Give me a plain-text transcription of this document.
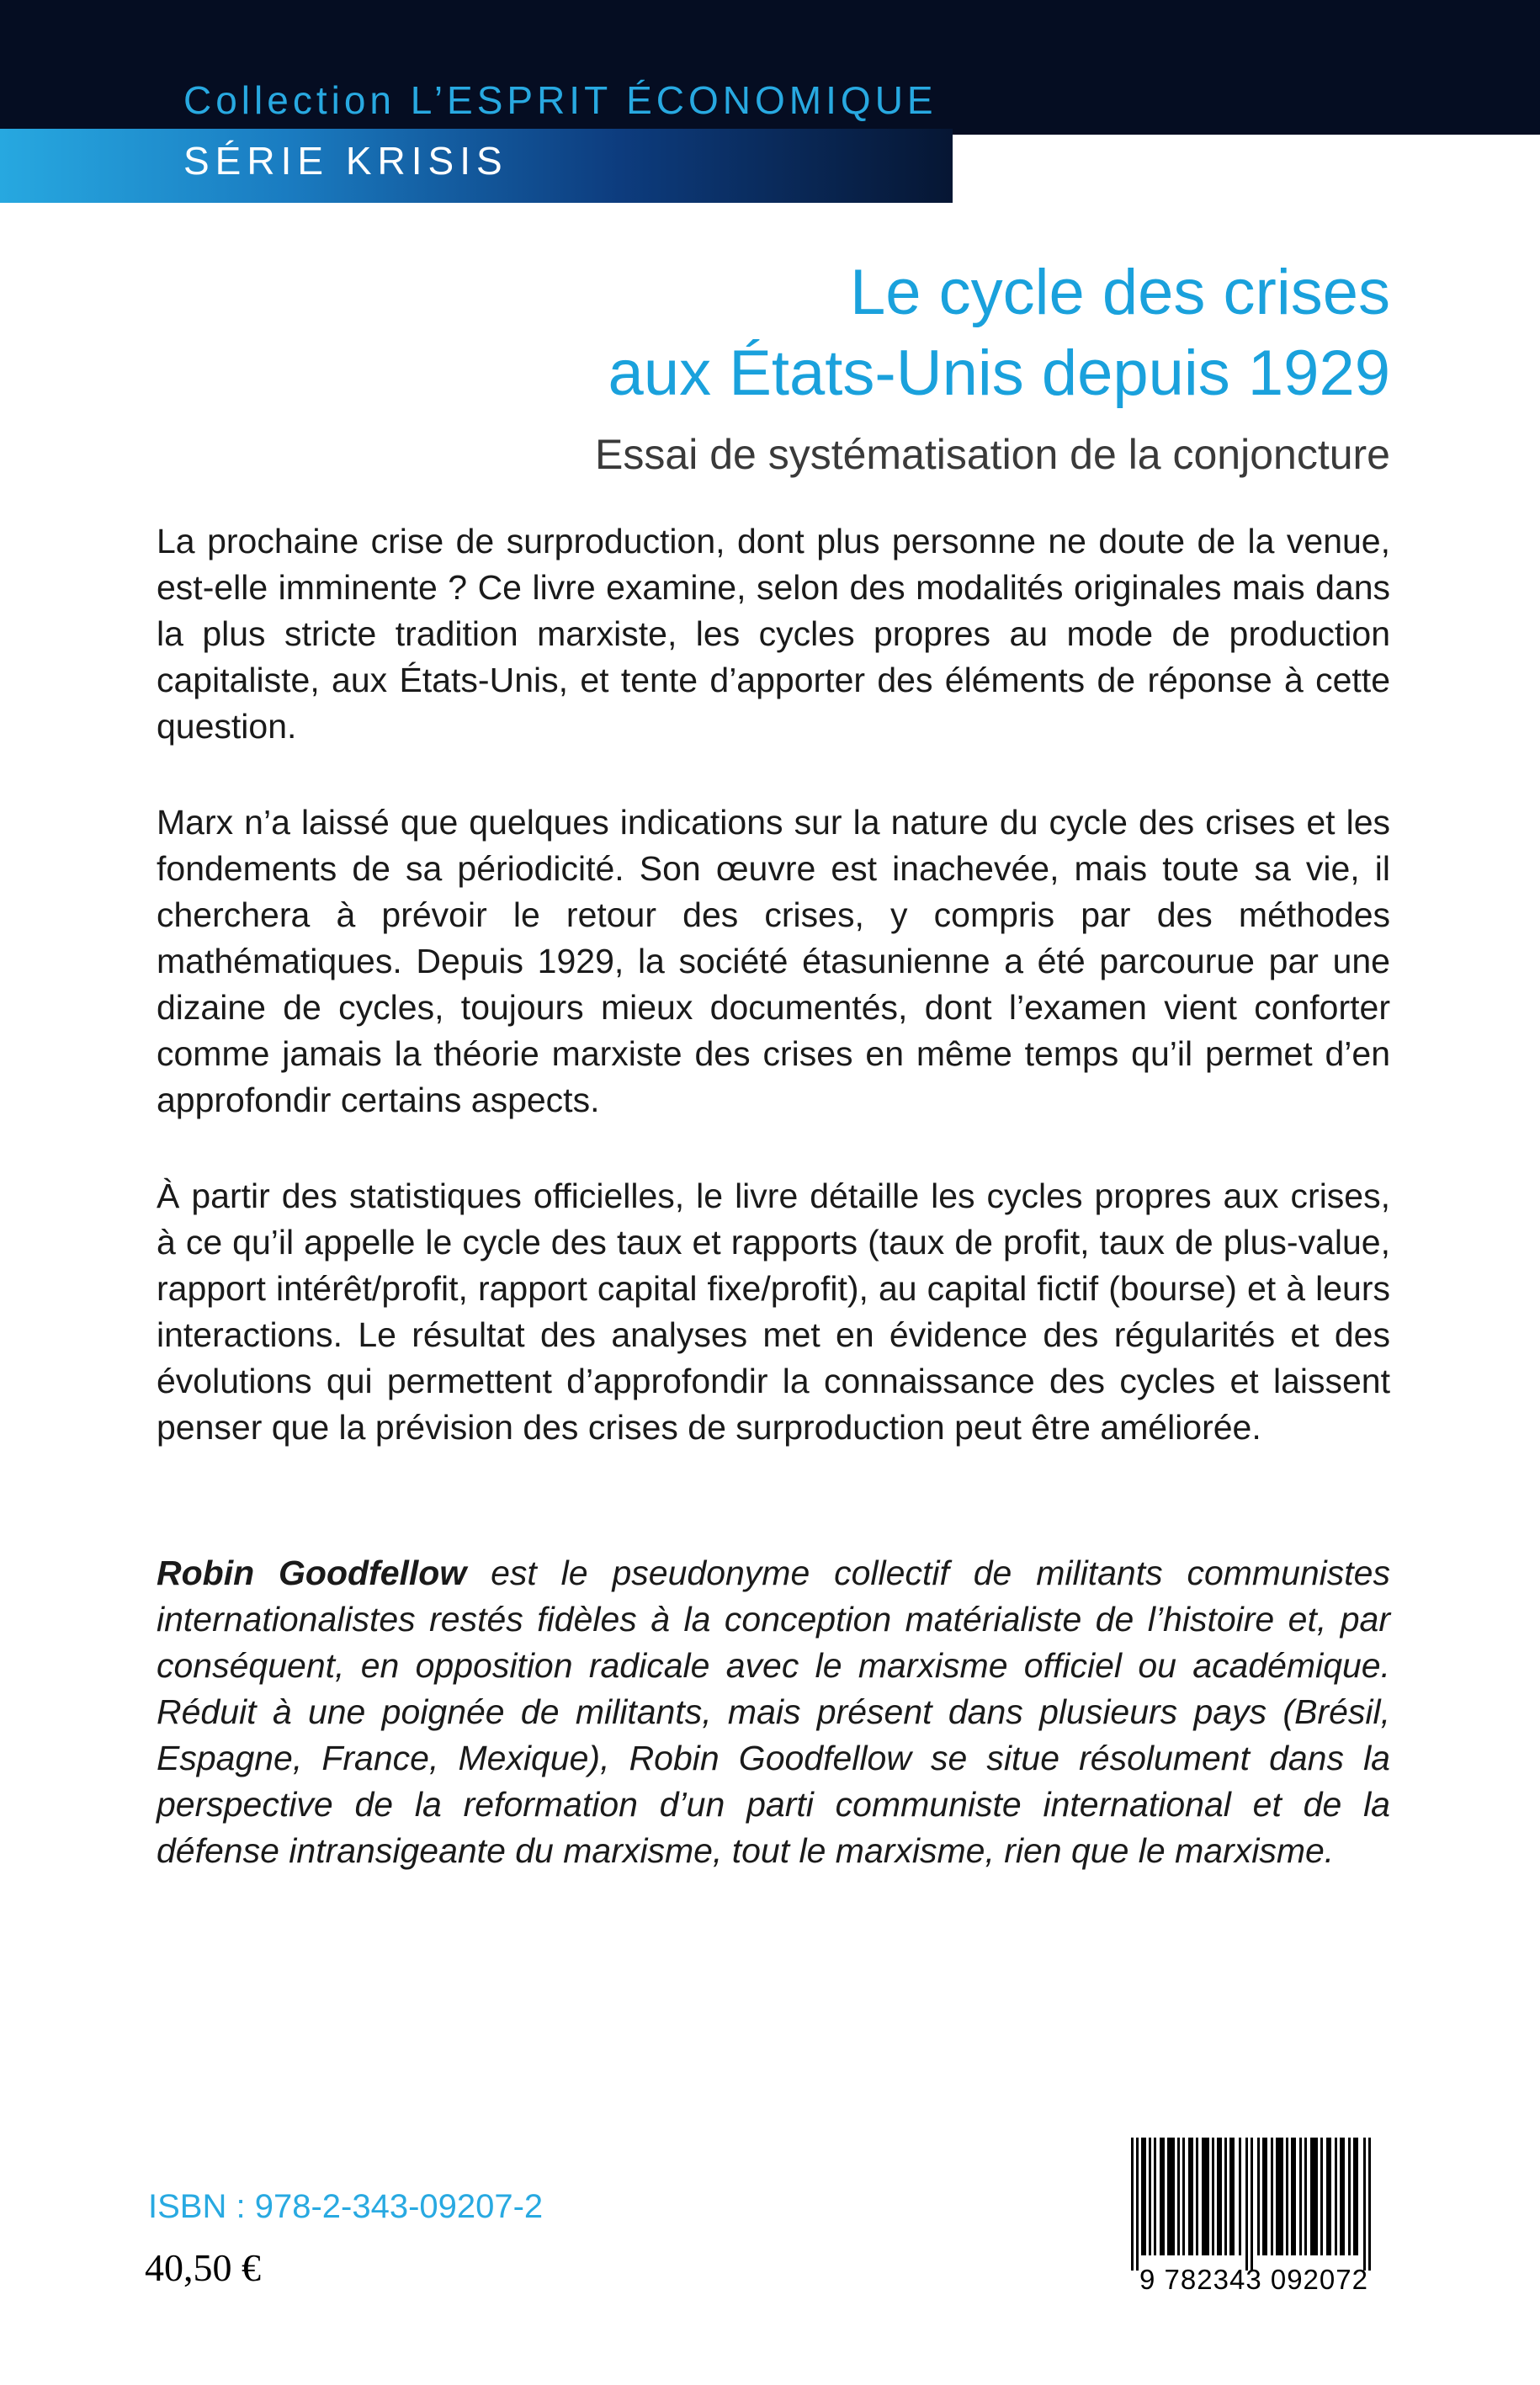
Collection L’ESPRIT ÉCONOMIQUE
SÉRIE KRISIS
Le cycle des crises
aux États-Unis depuis 1929
Essai de systématisation de la conjoncture

La prochaine crise de surproduction, dont plus personne ne doute de la venue, est-elle imminente ? Ce livre examine, selon des modalités originales mais dans la plus stricte tradition marxiste, les cycles propres au mode de production capitaliste, aux États-Unis, et tente d’apporter des éléments de réponse à cette question.

Marx n’a laissé que quelques indications sur la nature du cycle des crises et les fondements de sa périodicité. Son œuvre est inachevée, mais toute sa vie, il cherchera à prévoir le retour des crises, y compris par des méthodes mathématiques. Depuis 1929, la société étasunienne a été parcourue par une dizaine de cycles, toujours mieux documentés, dont l’examen vient conforter comme jamais la théorie marxiste des crises en même temps qu’il permet d’en approfondir certains aspects.

À partir des statistiques officielles, le livre détaille les cycles propres aux crises, à ce qu’il appelle le cycle des taux et rapports (taux de profit, taux de plus-value, rapport intérêt/profit, rapport capital fixe/profit), au capital fictif (bourse) et à leurs interactions. Le résultat des analyses met en évidence des régularités et des évolutions qui permettent d’approfondir la connaissance des cycles et laissent penser que la prévision des crises de surproduction peut être améliorée.

Robin Goodfellow est le pseudonyme collectif de militants communistes internationalistes restés fidèles à la conception matérialiste de l’histoire et, par conséquent, en opposition radicale avec le marxisme officiel ou académique. Réduit à une poignée de militants, mais présent dans plusieurs pays (Brésil, Espagne, France, Mexique), Robin Goodfellow se situe résolument dans la perspective de la reformation d’un parti communiste international et de la défense intransigeante du marxisme, tout le marxisme, rien que le marxisme.

ISBN : 978-2-343-09207-2
40,50 €	9 782343 092072
